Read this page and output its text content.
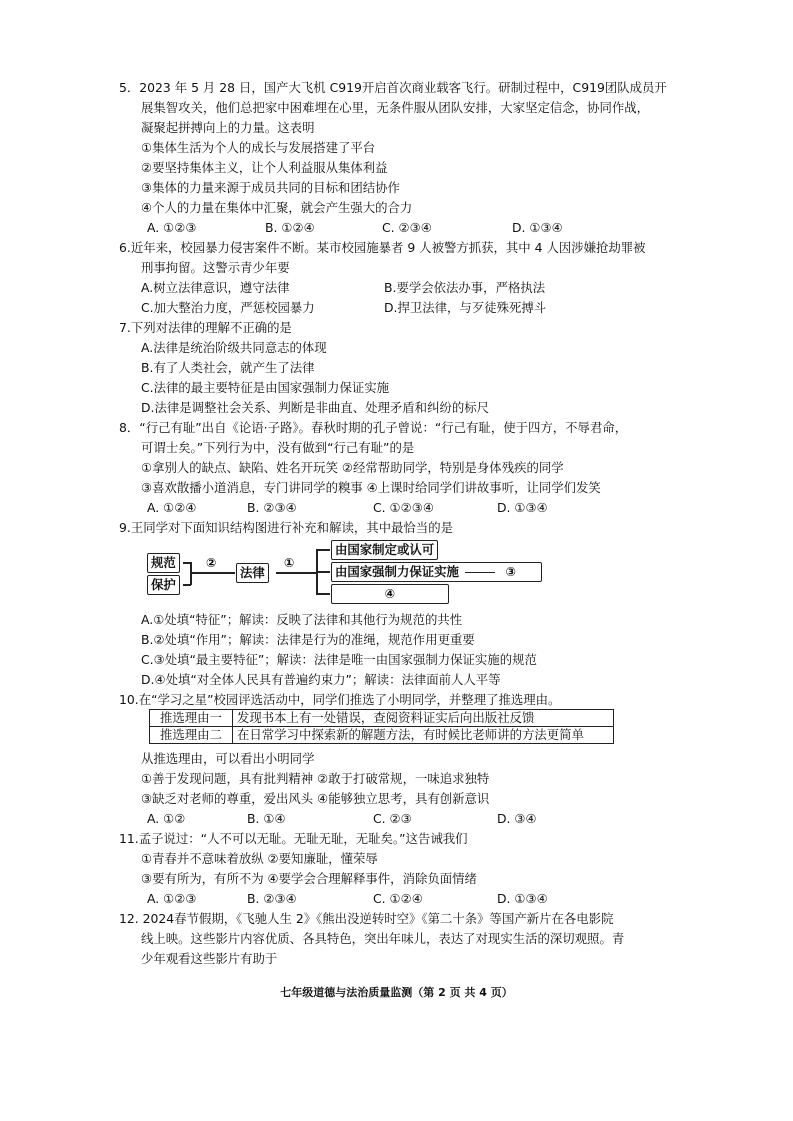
5．2023 年 5 月 28 日，国产大飞机 C919开启首次商业载客飞行。研制过程中，C919团队成员开
展集智攻关，他们总把家中困难埋在心里，无条件服从团队安排，大家坚定信念，协同作战，
凝聚起拼搏向上的力量。这表明
①集体生活为个人的成长与发展搭建了平台
②要坚持集体主义，让个人利益服从集体利益
③集体的力量来源于成员共同的目标和团结协作
④个人的力量在集体中汇聚，就会产生强大的合力
A. ①②③	B. ①②④	C. ②③④	D. ①③④
6.近年来，校园暴力侵害案件不断。某市校园施暴者 9 人被警方抓获，其中 4 人因涉嫌抢劫罪被
刑事拘留。这警示青少年要
A.树立法律意识，遵守法律	B.要学会依法办事，严格执法
C.加大整治力度，严惩校园暴力	D.捍卫法律，与歹徒殊死搏斗
7.下列对法律的理解不正确的是
A.法律是统治阶级共同意志的体现
B.有了人类社会，就产生了法律
C.法律的最主要特征是由国家强制力保证实施
D.法律是调整社会关系、判断是非曲直、处理矛盾和纠纷的标尺
8．“行己有耻”出自《论语·子路》。春秋时期的孔子曾说：“行己有耻，使于四方，不辱君命，
可谓士矣。”下列行为中，没有做到“行己有耻”的是
①拿别人的缺点、缺陷、姓名开玩笑 ②经常帮助同学，特别是身体残疾的同学
③喜欢散播小道消息，专门讲同学的糗事 ④上课时给同学们讲故事听，让同学们发笑
A. ①②④	B. ②③④	C. ①②③④	D. ①③④
9.王同学对下面知识结构图进行补充和解读，其中最恰当的是
规范
保护
②
法律
①
由国家制定或认可
由国家强制力保证实施	③
④
A.①处填“特征”；解读：反映了法律和其他行为规范的共性
B.②处填“作用”；解读：法律是行为的准绳，规范作用更重要
C.③处填“最主要特征”；解读：法律是唯一由国家强制力保证实施的规范
D.④处填“对全体人民具有普遍约束力”；解读：法律面前人人平等
10.在“学习之星”校园评选活动中，同学们推选了小明同学，并整理了推选理由。
推选理由一	发现书本上有一处错误，查阅资料证实后向出版社反馈
推选理由二	在日常学习中探索新的解题方法，有时候比老师讲的方法更简单
从推选理由，可以看出小明同学
①善于发现问题，具有批判精神 ②敢于打破常规，一味追求独特
③缺乏对老师的尊重，爱出风头 ④能够独立思考，具有创新意识
A. ①②	B. ①④	C. ②③	D. ③④
11.孟子说过：“人不可以无耻。无耻无耻，无耻矣。”这告诫我们
①青春并不意味着放纵 ②要知廉耻，懂荣辱
③要有所为，有所不为 ④要学会合理解释事件，消除负面情绪
A. ①②③	B. ②③④	C. ①②④	D. ①③④
12. 2024春节假期，《飞驰人生 2》《熊出没逆转时空》《第二十条》等国产新片在各电影院
线上映。这些影片内容优质、各具特色，突出年味儿，表达了对现实生活的深切观照。青
少年观看这些影片有助于
七年级道德与法治质量监测（第 2 页 共 4 页）
